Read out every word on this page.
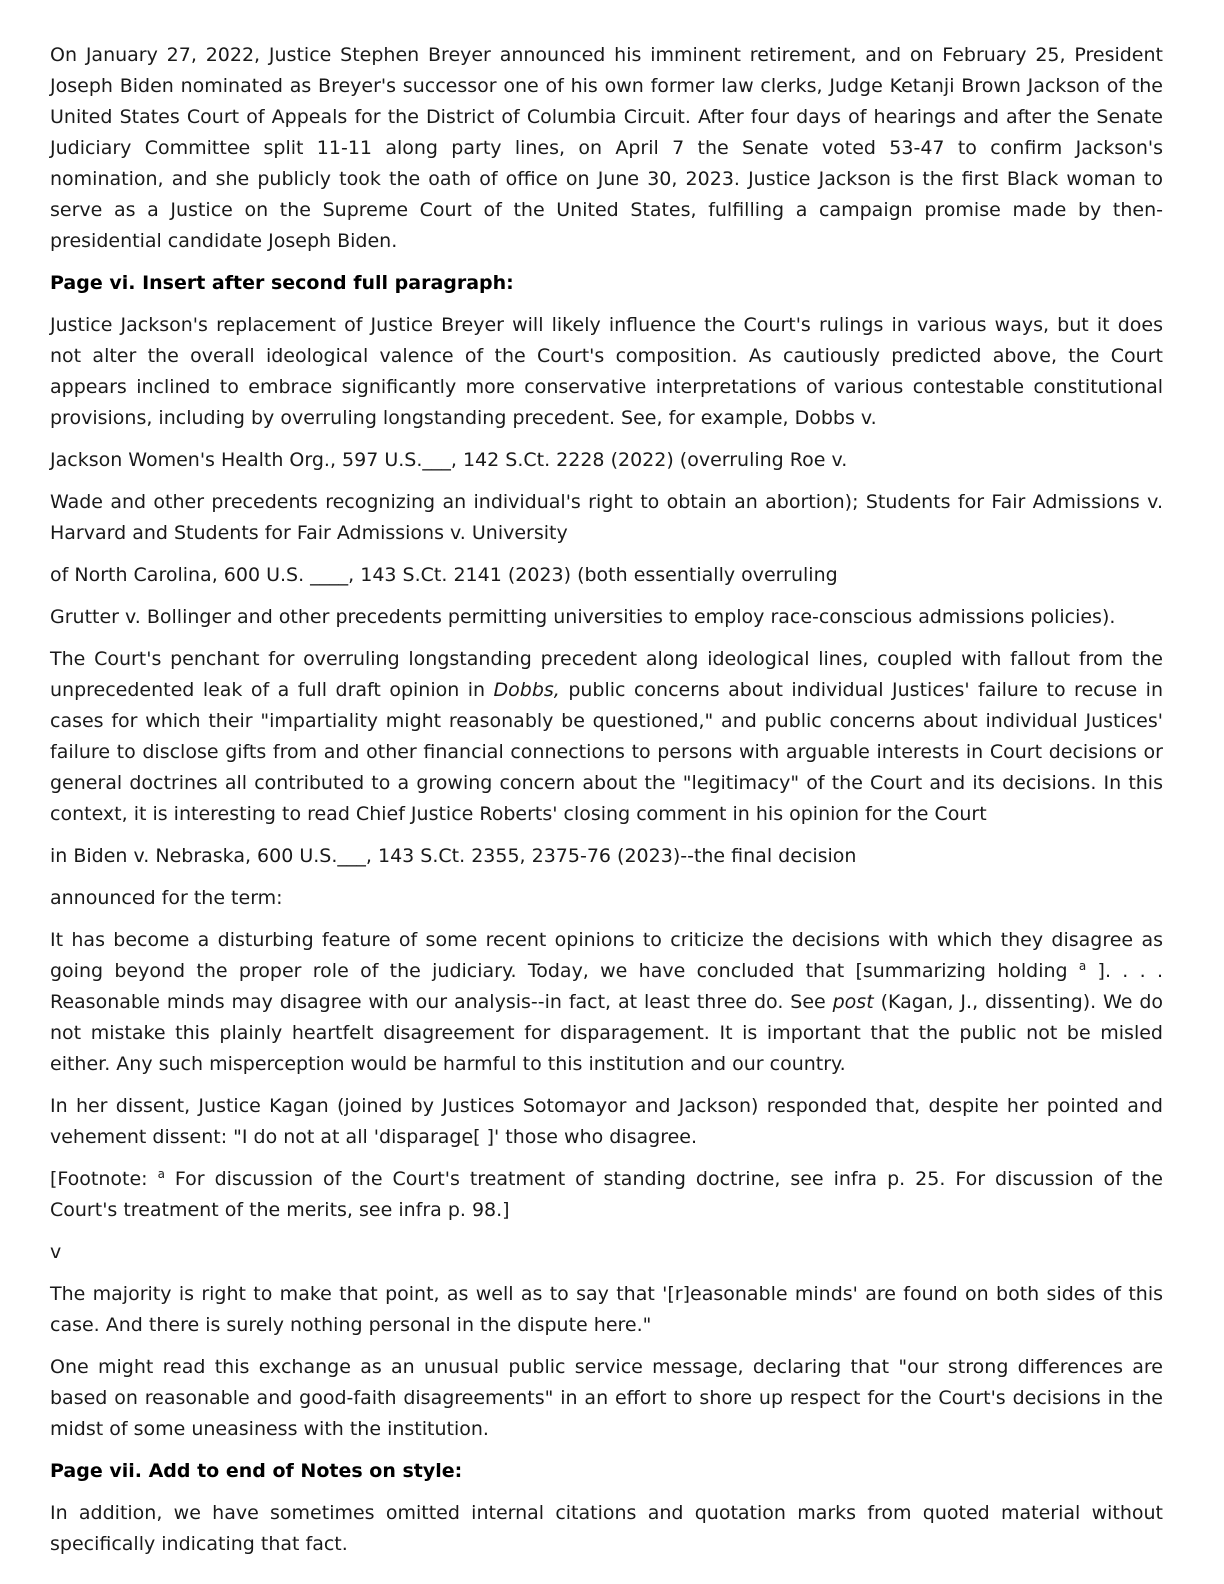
On January 27, 2022, Justice Stephen Breyer announced his imminent retirement, and on February 25, President Joseph Biden nominated as Breyer's successor one of his own former law clerks, Judge Ketanji Brown Jackson of the United States Court of Appeals for the District of Columbia Circuit. After four days of hearings and after the Senate Judiciary Committee split 11-11 along party lines, on April 7 the Senate voted 53-47 to confirm Jackson's nomination, and she publicly took the oath of office on June 30, 2023. Justice Jackson is the first Black woman to serve as a Justice on the Supreme Court of the United States, fulfilling a campaign promise made by then-presidential candidate Joseph Biden.

Page vi. Insert after second full paragraph:

Justice Jackson's replacement of Justice Breyer will likely influence the Court's rulings in various ways, but it does not alter the overall ideological valence of the Court's composition. As cautiously predicted above, the Court appears inclined to embrace significantly more conservative interpretations of various contestable constitutional provisions, including by overruling longstanding precedent. See, for example, Dobbs v.

Jackson Women's Health Org., 597 U.S.___, 142 S.Ct. 2228 (2022) (overruling Roe v.

Wade and other precedents recognizing an individual's right to obtain an abortion); Students for Fair Admissions v. Harvard and Students for Fair Admissions v. University

of North Carolina, 600 U.S. ____, 143 S.Ct. 2141 (2023) (both essentially overruling

Grutter v. Bollinger and other precedents permitting universities to employ race-conscious admissions policies).

The Court's penchant for overruling longstanding precedent along ideological lines, coupled with fallout from the unprecedented leak of a full draft opinion in Dobbs, public concerns about individual Justices' failure to recuse in cases for which their "impartiality might reasonably be questioned," and public concerns about individual Justices' failure to disclose gifts from and other financial connections to persons with arguable interests in Court decisions or general doctrines all contributed to a growing concern about the "legitimacy" of the Court and its decisions. In this context, it is interesting to read Chief Justice Roberts' closing comment in his opinion for the Court

in Biden v. Nebraska, 600 U.S.___, 143 S.Ct. 2355, 2375-76 (2023)--the final decision

announced for the term:

It has become a disturbing feature of some recent opinions to criticize the decisions with which they disagree as going beyond the proper role of the judiciary. Today, we have concluded that [summarizing holding $^a$ ]. . . . Reasonable minds may disagree with our analysis--in fact, at least three do. See post (Kagan, J., dissenting). We do not mistake this plainly heartfelt disagreement for disparagement. It is important that the public not be misled either. Any such misperception would be harmful to this institution and our country.

In her dissent, Justice Kagan (joined by Justices Sotomayor and Jackson) responded that, despite her pointed and vehement dissent: "I do not at all 'disparage[ ]' those who disagree.

[Footnote: $^a$ For discussion of the Court's treatment of standing doctrine, see infra p. 25. For discussion of the Court's treatment of the merits, see infra p. 98.]

v

The majority is right to make that point, as well as to say that '[r]easonable minds' are found on both sides of this case. And there is surely nothing personal in the dispute here."

One might read this exchange as an unusual public service message, declaring that "our strong differences are based on reasonable and good-faith disagreements" in an effort to shore up respect for the Court's decisions in the midst of some uneasiness with the institution.

Page vii. Add to end of Notes on style:

In addition, we have sometimes omitted internal citations and quotation marks from quoted material without specifically indicating that fact.
